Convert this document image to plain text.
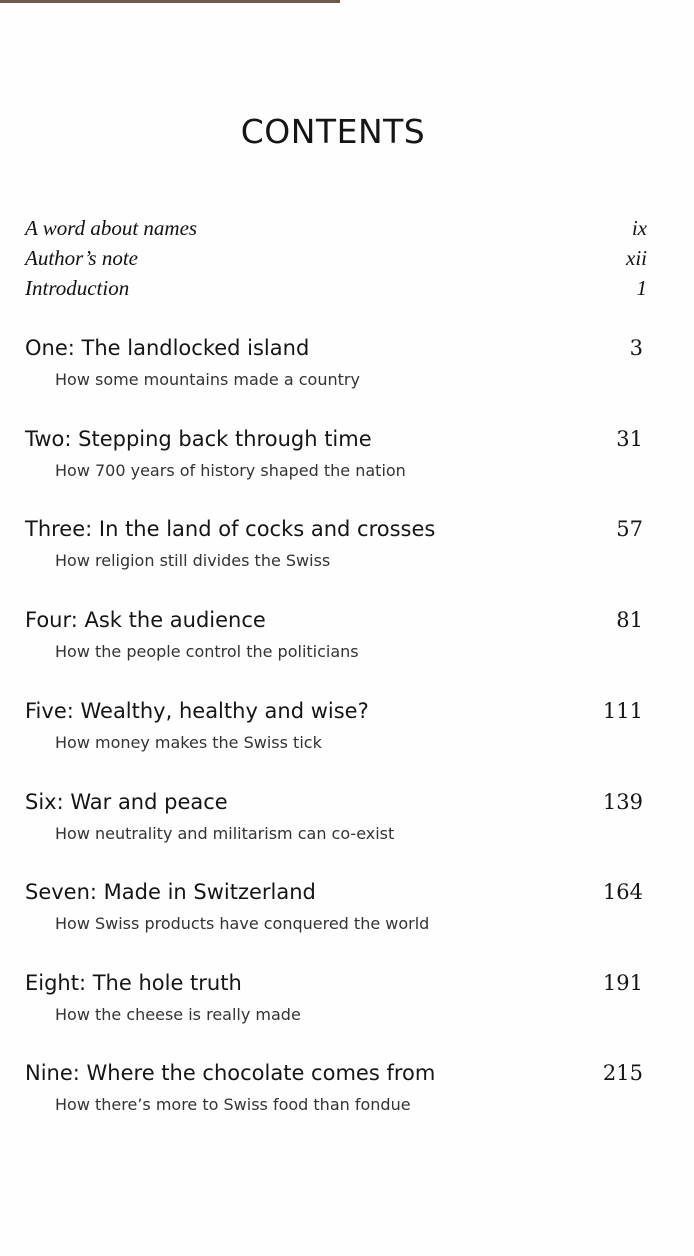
CONTENTS
A word about names	ix
Author’s note	xii
Introduction	1
One: The landlocked island	3
How some mountains made a country
Two: Stepping back through time	31
How 700 years of history shaped the nation
Three: In the land of cocks and crosses	57
How religion still divides the Swiss
Four: Ask the audience	81
How the people control the politicians
Five: Wealthy, healthy and wise?	111
How money makes the Swiss tick
Six: War and peace	139
How neutrality and militarism can co-exist
Seven: Made in Switzerland	164
How Swiss products have conquered the world
Eight: The hole truth	191
How the cheese is really made
Nine: Where the chocolate comes from	215
How there’s more to Swiss food than fondue
